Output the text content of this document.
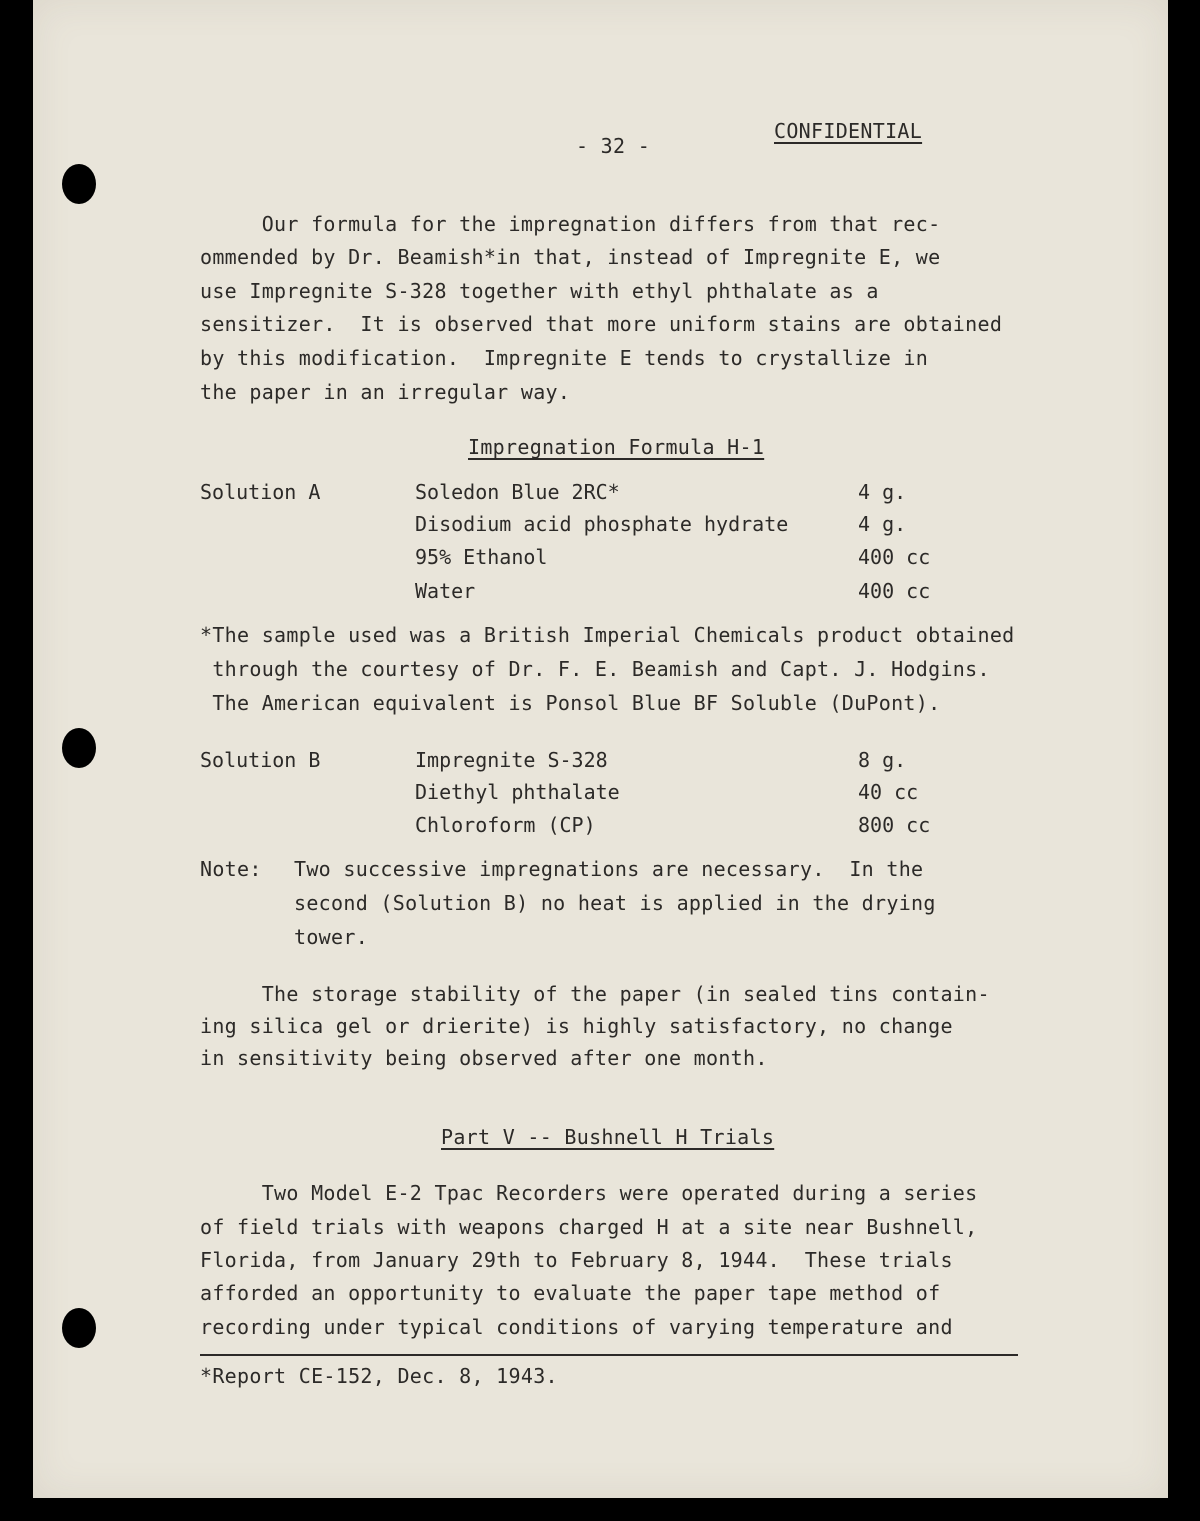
- 32 -
CONFIDENTIAL
Our formula for the impregnation differs from that rec-
ommended by Dr. Beamish*in that, instead of Impregnite E, we
use Impregnite S-328 together with ethyl phthalate as a
sensitizer.  It is observed that more uniform stains are obtained
by this modification.  Impregnite E tends to crystallize in
the paper in an irregular way.
Impregnation Formula H-1
Solution A	Soledon Blue 2RC*	4 g.
Disodium acid phosphate hydrate	4 g.
95% Ethanol	400 cc
Water	400 cc
*The sample used was a British Imperial Chemicals product obtained
through the courtesy of Dr. F. E. Beamish and Capt. J. Hodgins.
The American equivalent is Ponsol Blue BF Soluble (DuPont).
Solution B	Impregnite S-328	8 g.
Diethyl phthalate	40 cc
Chloroform (CP)	800 cc
Note: Two successive impregnations are necessary.  In the
second (Solution B) no heat is applied in the drying
tower.
The storage stability of the paper (in sealed tins contain-
ing silica gel or drierite) is highly satisfactory, no change
in sensitivity being observed after one month.
Part V -- Bushnell H Trials
Two Model E-2 Tpac Recorders were operated during a series
of field trials with weapons charged H at a site near Bushnell,
Florida, from January 29th to February 8, 1944.  These trials
afforded an opportunity to evaluate the paper tape method of
recording under typical conditions of varying temperature and
*Report CE-152, Dec. 8, 1943.
